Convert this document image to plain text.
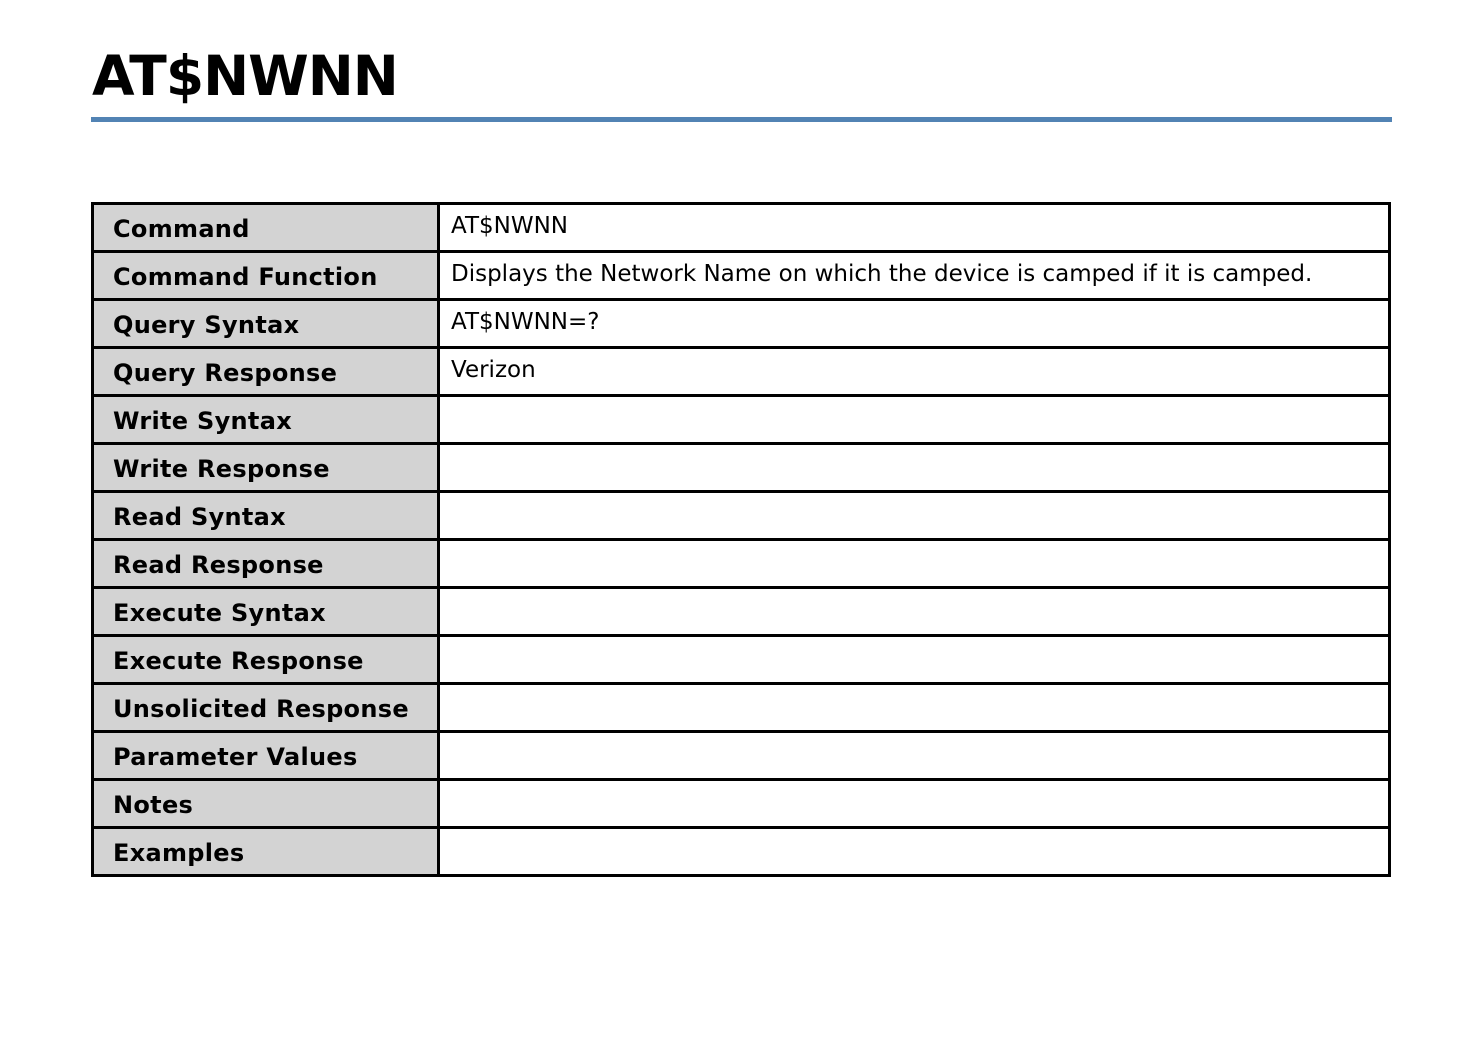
AT$NWNN
Command	AT$NWNN
Command Function	Displays the Network Name on which the device is camped if it is camped.
Query Syntax	AT$NWNN=?
Query Response	Verizon
Write Syntax	
Write Response	
Read Syntax	
Read Response	
Execute Syntax	
Execute Response	
Unsolicited Response	
Parameter Values	
Notes	
Examples	
